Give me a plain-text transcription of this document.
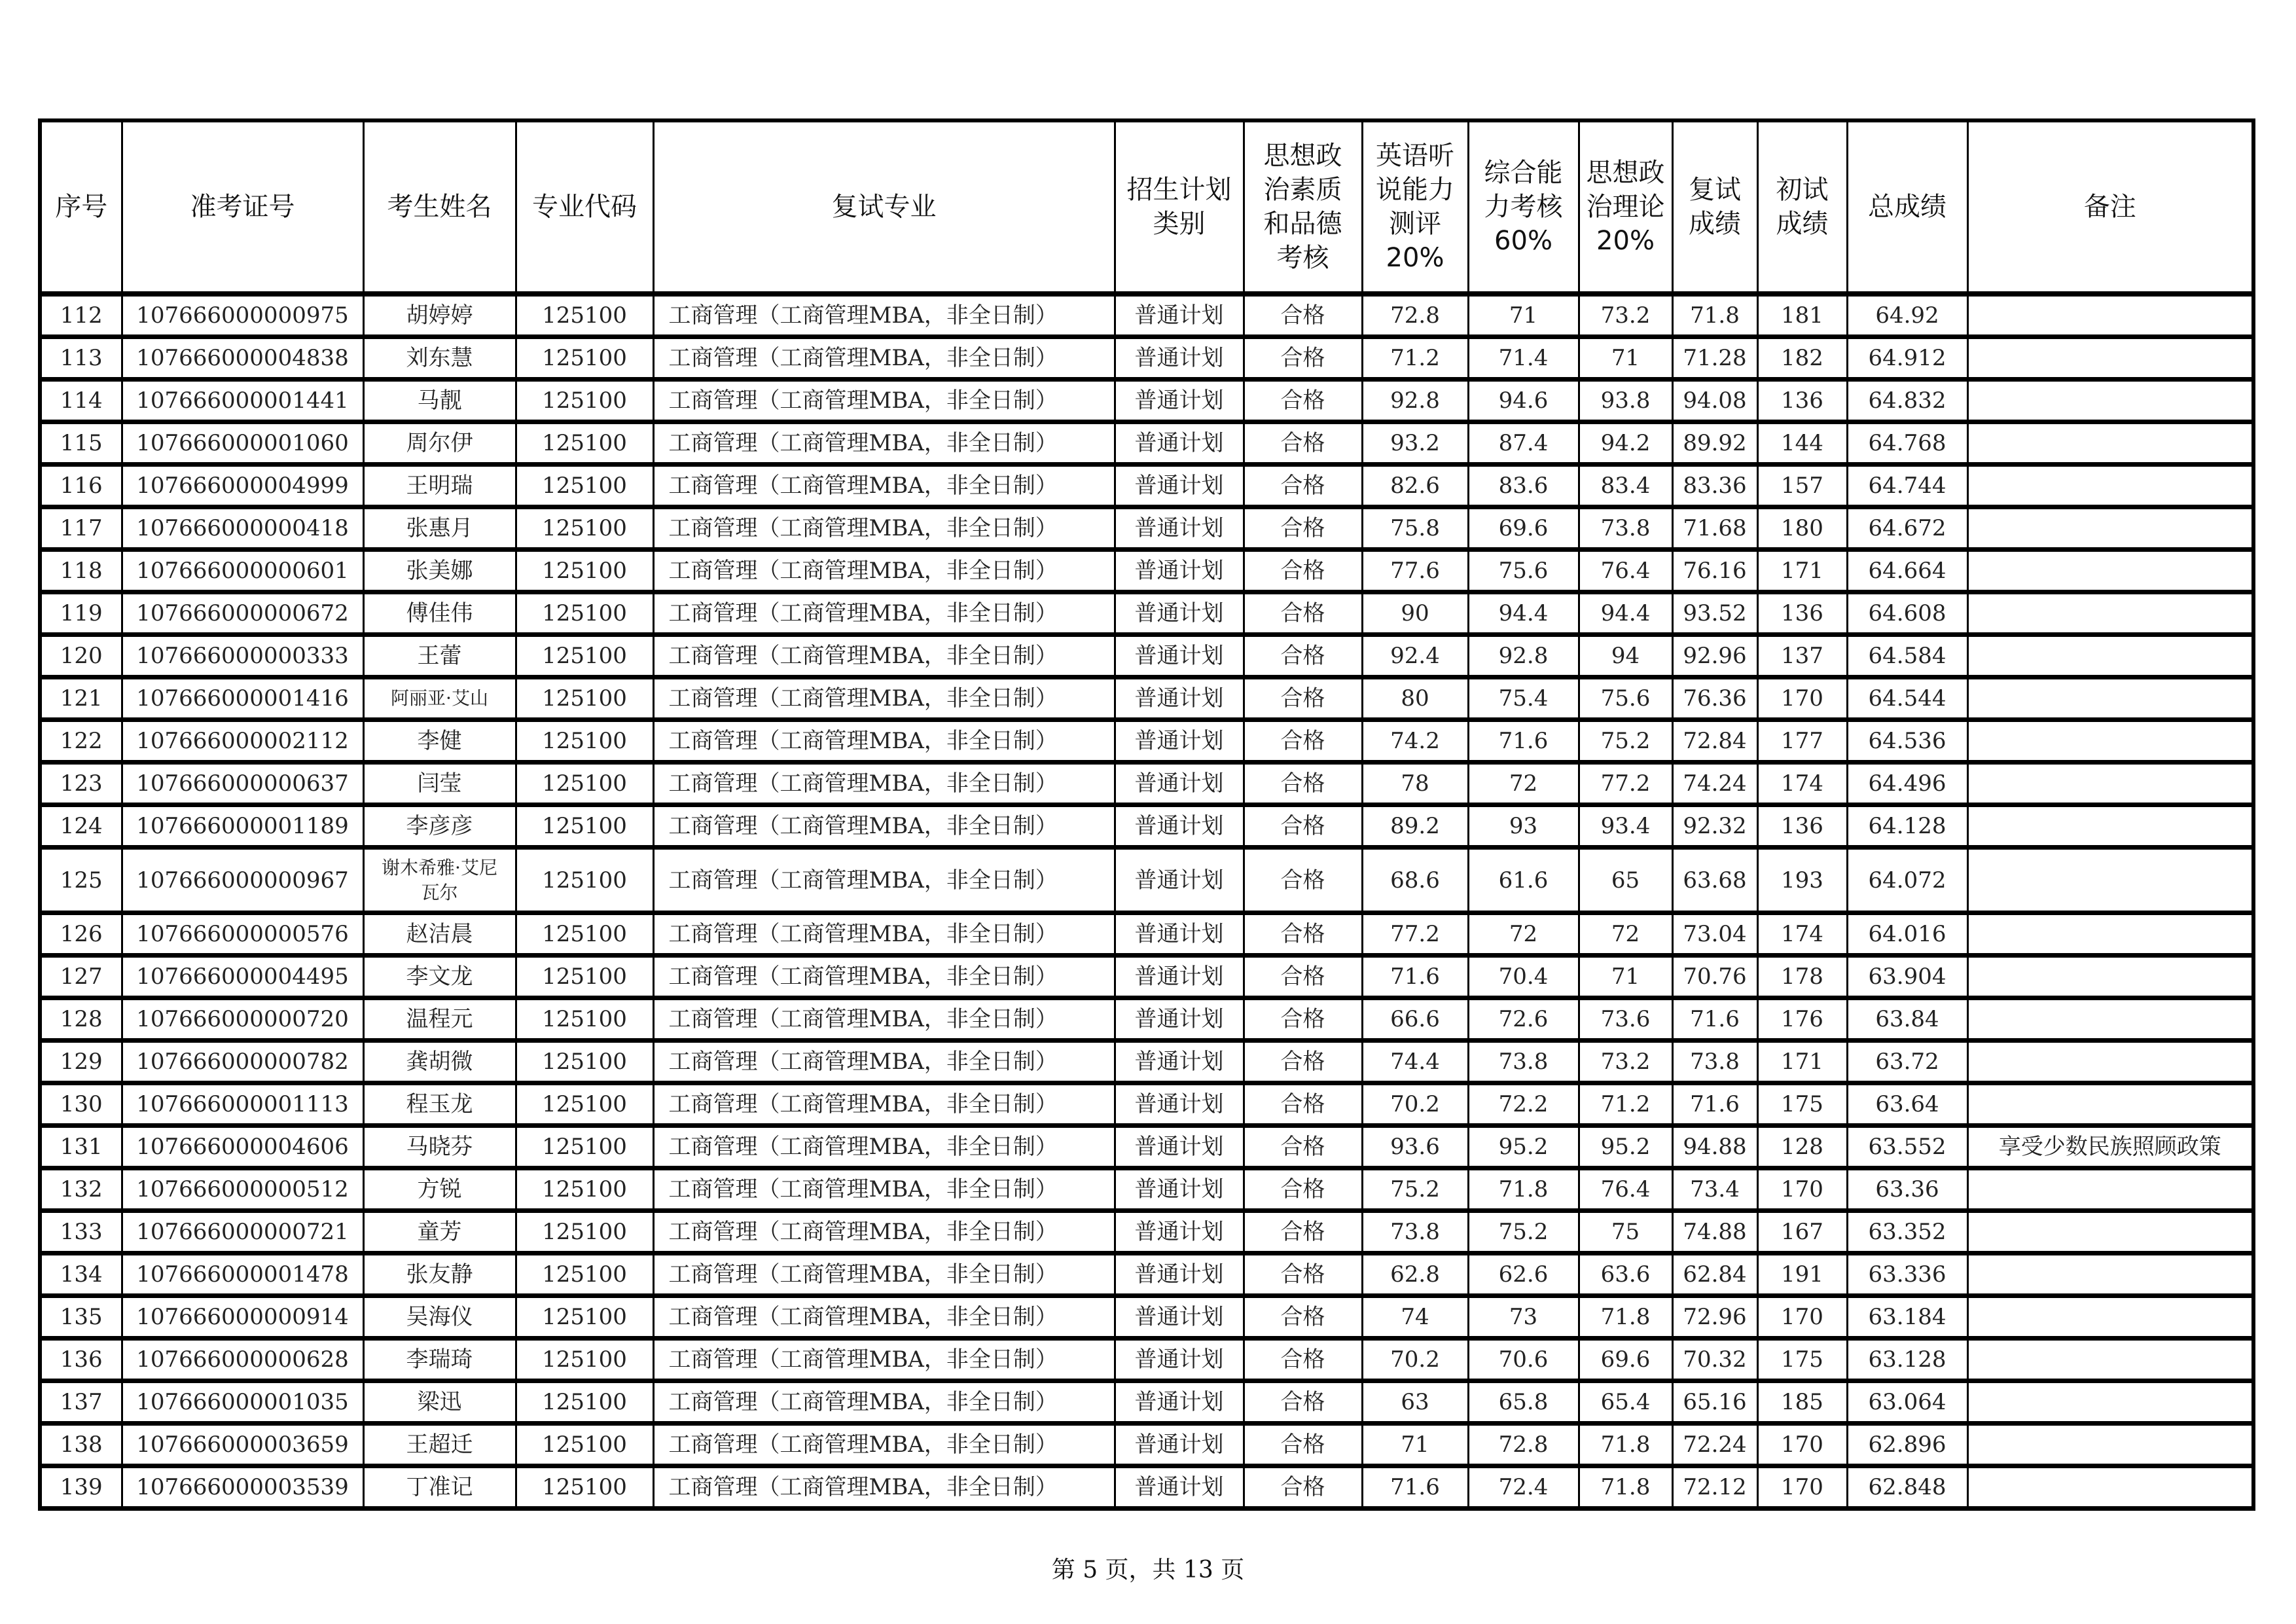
序号	准考证号	考生姓名	专业代码	复试专业	招生计划类别	思想政治素质和品德考核	英语听说能力测评20%	综合能力考核60%	思想政治理论20%	复试成绩	初试成绩	总成绩	备注
112	107666000000975	胡婷婷	125100	工商管理（工商管理MBA，非全日制）	普通计划	合格	72.8	71	73.2	71.8	181	64.92	
113	107666000004838	刘东慧	125100	工商管理（工商管理MBA，非全日制）	普通计划	合格	71.2	71.4	71	71.28	182	64.912	
114	107666000001441	马靓	125100	工商管理（工商管理MBA，非全日制）	普通计划	合格	92.8	94.6	93.8	94.08	136	64.832	
115	107666000001060	周尔伊	125100	工商管理（工商管理MBA，非全日制）	普通计划	合格	93.2	87.4	94.2	89.92	144	64.768	
116	107666000004999	王明瑞	125100	工商管理（工商管理MBA，非全日制）	普通计划	合格	82.6	83.6	83.4	83.36	157	64.744	
117	107666000000418	张惠月	125100	工商管理（工商管理MBA，非全日制）	普通计划	合格	75.8	69.6	73.8	71.68	180	64.672	
118	107666000000601	张美娜	125100	工商管理（工商管理MBA，非全日制）	普通计划	合格	77.6	75.6	76.4	76.16	171	64.664	
119	107666000000672	傅佳伟	125100	工商管理（工商管理MBA，非全日制）	普通计划	合格	90	94.4	94.4	93.52	136	64.608	
120	107666000000333	王蕾	125100	工商管理（工商管理MBA，非全日制）	普通计划	合格	92.4	92.8	94	92.96	137	64.584	
121	107666000001416	阿丽亚·艾山	125100	工商管理（工商管理MBA，非全日制）	普通计划	合格	80	75.4	75.6	76.36	170	64.544	
122	107666000002112	李健	125100	工商管理（工商管理MBA，非全日制）	普通计划	合格	74.2	71.6	75.2	72.84	177	64.536	
123	107666000000637	闫莹	125100	工商管理（工商管理MBA，非全日制）	普通计划	合格	78	72	77.2	74.24	174	64.496	
124	107666000001189	李彦彦	125100	工商管理（工商管理MBA，非全日制）	普通计划	合格	89.2	93	93.4	92.32	136	64.128	
125	107666000000967	谢木希雅·艾尼瓦尔	125100	工商管理（工商管理MBA，非全日制）	普通计划	合格	68.6	61.6	65	63.68	193	64.072	
126	107666000000576	赵洁晨	125100	工商管理（工商管理MBA，非全日制）	普通计划	合格	77.2	72	72	73.04	174	64.016	
127	107666000004495	李文龙	125100	工商管理（工商管理MBA，非全日制）	普通计划	合格	71.6	70.4	71	70.76	178	63.904	
128	107666000000720	温程元	125100	工商管理（工商管理MBA，非全日制）	普通计划	合格	66.6	72.6	73.6	71.6	176	63.84	
129	107666000000782	龚胡微	125100	工商管理（工商管理MBA，非全日制）	普通计划	合格	74.4	73.8	73.2	73.8	171	63.72	
130	107666000001113	程玉龙	125100	工商管理（工商管理MBA，非全日制）	普通计划	合格	70.2	72.2	71.2	71.6	175	63.64	
131	107666000004606	马晓芬	125100	工商管理（工商管理MBA，非全日制）	普通计划	合格	93.6	95.2	95.2	94.88	128	63.552	享受少数民族照顾政策
132	107666000000512	方锐	125100	工商管理（工商管理MBA，非全日制）	普通计划	合格	75.2	71.8	76.4	73.4	170	63.36	
133	107666000000721	童芳	125100	工商管理（工商管理MBA，非全日制）	普通计划	合格	73.8	75.2	75	74.88	167	63.352	
134	107666000001478	张友静	125100	工商管理（工商管理MBA，非全日制）	普通计划	合格	62.8	62.6	63.6	62.84	191	63.336	
135	107666000000914	吴海仪	125100	工商管理（工商管理MBA，非全日制）	普通计划	合格	74	73	71.8	72.96	170	63.184	
136	107666000000628	李瑞琦	125100	工商管理（工商管理MBA，非全日制）	普通计划	合格	70.2	70.6	69.6	70.32	175	63.128	
137	107666000001035	梁迅	125100	工商管理（工商管理MBA，非全日制）	普通计划	合格	63	65.8	65.4	65.16	185	63.064	
138	107666000003659	王超迁	125100	工商管理（工商管理MBA，非全日制）	普通计划	合格	71	72.8	71.8	72.24	170	62.896	
139	107666000003539	丁准记	125100	工商管理（工商管理MBA，非全日制）	普通计划	合格	71.6	72.4	71.8	72.12	170	62.848	
第 5 页，共 13 页
